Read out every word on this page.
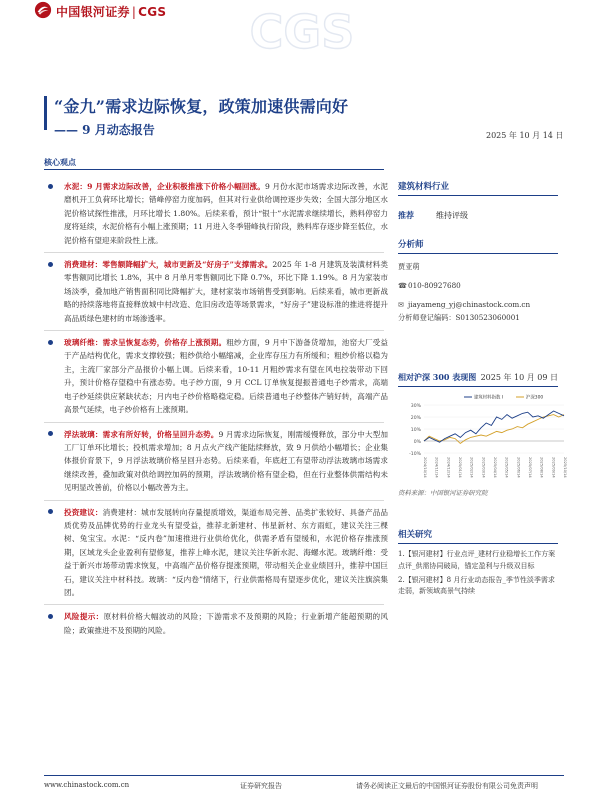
中国银河证券 | CGS CGS
“金九”需求边际恢复，政策加速供需向好
—— 9 月动态报告	2025 年 10 月 14 日
核心观点
水泥：9 月需求边际改善，企业积极推涨下价格小幅回涨。9 月份水泥市场需求边际改善，水泥磨机开工负荷环比增长；错峰停窑力度加码，但其对行业供给调控逐步失效；全国大部分地区水泥价格试探性推涨，月环比增长 1.80%。后续来看，预计“银十”水泥需求继续增长，熟料停窑力度将延续，水泥价格有小幅上涨预期；11 月进入冬季错峰执行阶段，熟料库存逐步降至低位，水泥价格有望迎来阶段性上涨。
消费建材：零售额降幅扩大，城市更新及“好房子”支撑需求。2025 年 1-8 月建筑及装潢材料类零售额同比增长 1.8%，其中 8 月单月零售额同比下降 0.7%，环比下降 1.19%。8 月为家装市场淡季，叠加地产销售面积同比降幅扩大，建材家装市场销售受到影响。后续来看，城市更新战略的持续落地将直接释放城中村改造、危旧房改造等场景需求，“好房子”建设标准的推进将提升高品质绿色建材的市场渗透率。
玻璃纤维：需求呈恢复态势，价格存上涨预期。粗纱方面，9 月中下游备货增加，池窑大厂受益于产品结构优化，需求支撑较强；粗纱供给小幅缩减，企业库存压力有所缓和；粗纱价格以稳为主，主流厂家部分产品报价小幅上调。后续来看，10-11 月粗纱需求有望在风电拉装带动下回升，预计价格存望稳中有涨态势。电子纱方面，9 月 CCL 订单恢复提振普通电子纱需求，高端电子纱延续供应紧缺状态；月内电子纱价格略稳定稳。后续普通电子纱整体产销好转，高端产品高景气延续，电子纱价格有上涨预期。
浮法玻璃：需求有所好转，价格呈回升态势。9 月需求边际恢复，刚需缓慢释放，部分中大型加工厂订单环比增长；投机需求增加；8 月点火产线产能陆续释放，致 9 月供给小幅增长；企业集体报价育景下，9 月浮法玻璃价格呈回升态势。后续来看，年底赶工有望带动浮法玻璃市场需求继续改善，叠加政策对供给调控加码的预期，浮法玻璃价格有望企稳，但在行业整体供需结构未见明显改善前，价格以小幅改善为主。
投资建议：消费建材：城市发展转向存量提质增效，渠道布局完善、品类扩张较好、具备产品品质优势及品牌优势的行业龙头有望受益，推荐北新建材、伟星新材、东方雨虹，建议关注三棵树、兔宝宝。水泥：“反内卷”加速推进行业供给优化，供需矛盾有望缓和，水泥价格存推涨预期，区域龙头企业盈利有望修复，推荐上峰水泥，建议关注华新水泥、海螺水泥。玻璃纤维：受益于新兴市场带动需求恢复，中高端产品价格存提涨预期，带动相关企业业绩回升，推荐中国巨石，建议关注中材科技。玻璃：“反内卷”情绪下，行业供需格局有望逐步优化，建议关注旗滨集团。
风险提示：原材料价格大幅波动的风险；下游需求不及预期的风险；行业新增产能超预期的风险；政策推进不及预期的风险。
建筑材料行业
推荐	维持评级
分析师
贾亚萌
☎010-80927680
✉ jiayameng_yj@chinastock.com.cn
分析师登记编码：S0130523060001
相对沪深 300 表现图 2025 年 10 月 09 日
30%
20%
10%
0%
-10%
2024/10/14 2024/11/14 2024/12/14 2025/01/14 2025/02/14 2025/03/14 2025/04/14 2025/05/14 2025/06/14 2025/07/14 2025/08/14 2025/09/14 2025/10/14
建筑材料指数 I	沪深300
资料来源：中国银河证券研究院
相关研究
1.【银河建材】行业点评_建材行业稳增长工作方案点评_供需协同破局，锚定盈利与升级双目标
2.【银河建材】8 月行业动态报告_季节性淡季需求走弱，新领域高景气持续
www.chinastock.com.cn	证券研究报告	请务必阅读正文最后的中国银河证券股份有限公司免责声明
